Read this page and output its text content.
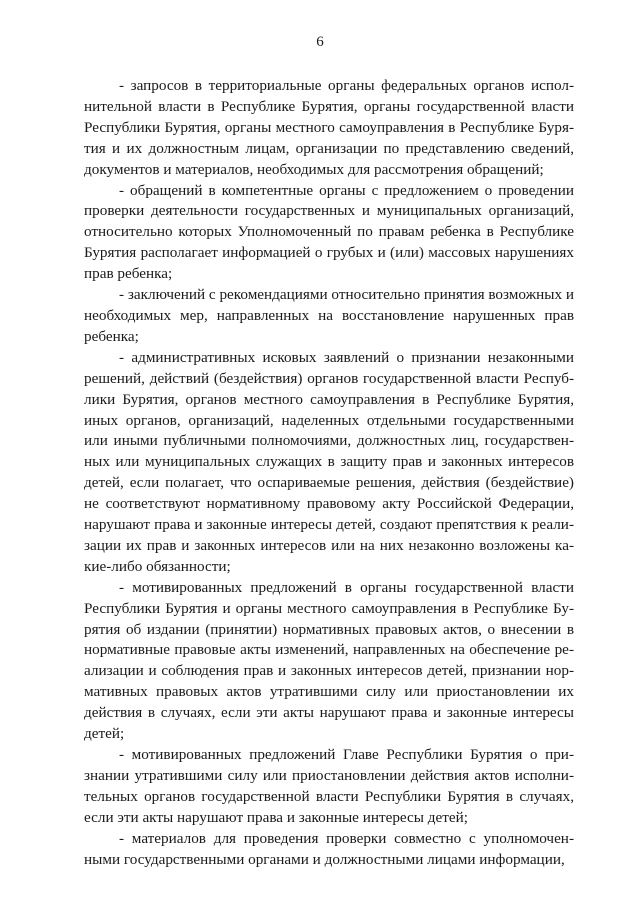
6

- запросов в территориальные органы федеральных органов исполнительной власти в Республике Бурятия, органы государственной власти Республики Бурятия, органы местного самоуправления в Республике Бурятия и их должностным лицам, организации по представлению сведений, документов и материалов, необходимых для рассмотрения обращений;

- обращений в компетентные органы с предложением о проведении проверки деятельности государственных и муниципальных организаций, относительно которых Уполномоченный по правам ребенка в Республике Бурятия располагает информацией о грубых и (или) массовых нарушениях прав ребенка;

- заключений с рекомендациями относительно принятия возможных и необходимых мер, направленных на восстановление нарушенных прав ребенка;

- административных исковых заявлений о признании незаконными решений, действий (бездействия) органов государственной власти Республики Бурятия, органов местного самоуправления в Республике Бурятия, иных органов, организаций, наделенных отдельными государственными или иными публичными полномочиями, должностных лиц, государственных или муниципальных служащих в защиту прав и законных интересов детей, если полагает, что оспариваемые решения, действия (бездействие) не соответствуют нормативному правовому акту Российской Федерации, нарушают права и законные интересы детей, создают препятствия к реализации их прав и законных интересов или на них незаконно возложены какие-либо обязанности;

- мотивированных предложений в органы государственной власти Республики Бурятия и органы местного самоуправления в Республике Бурятия об издании (принятии) нормативных правовых актов, о внесении в нормативные правовые акты изменений, направленных на обеспечение реализации и соблюдения прав и законных интересов детей, признании нормативных правовых актов утратившими силу или приостановлении их действия в случаях, если эти акты нарушают права и законные интересы детей;

- мотивированных предложений Главе Республики Бурятия о признании утратившими силу или приостановлении действия актов исполнительных органов государственной власти Республики Бурятия в случаях, если эти акты нарушают права и законные интересы детей;

- материалов для проведения проверки совместно с уполномоченными государственными органами и должностными лицами информации,
